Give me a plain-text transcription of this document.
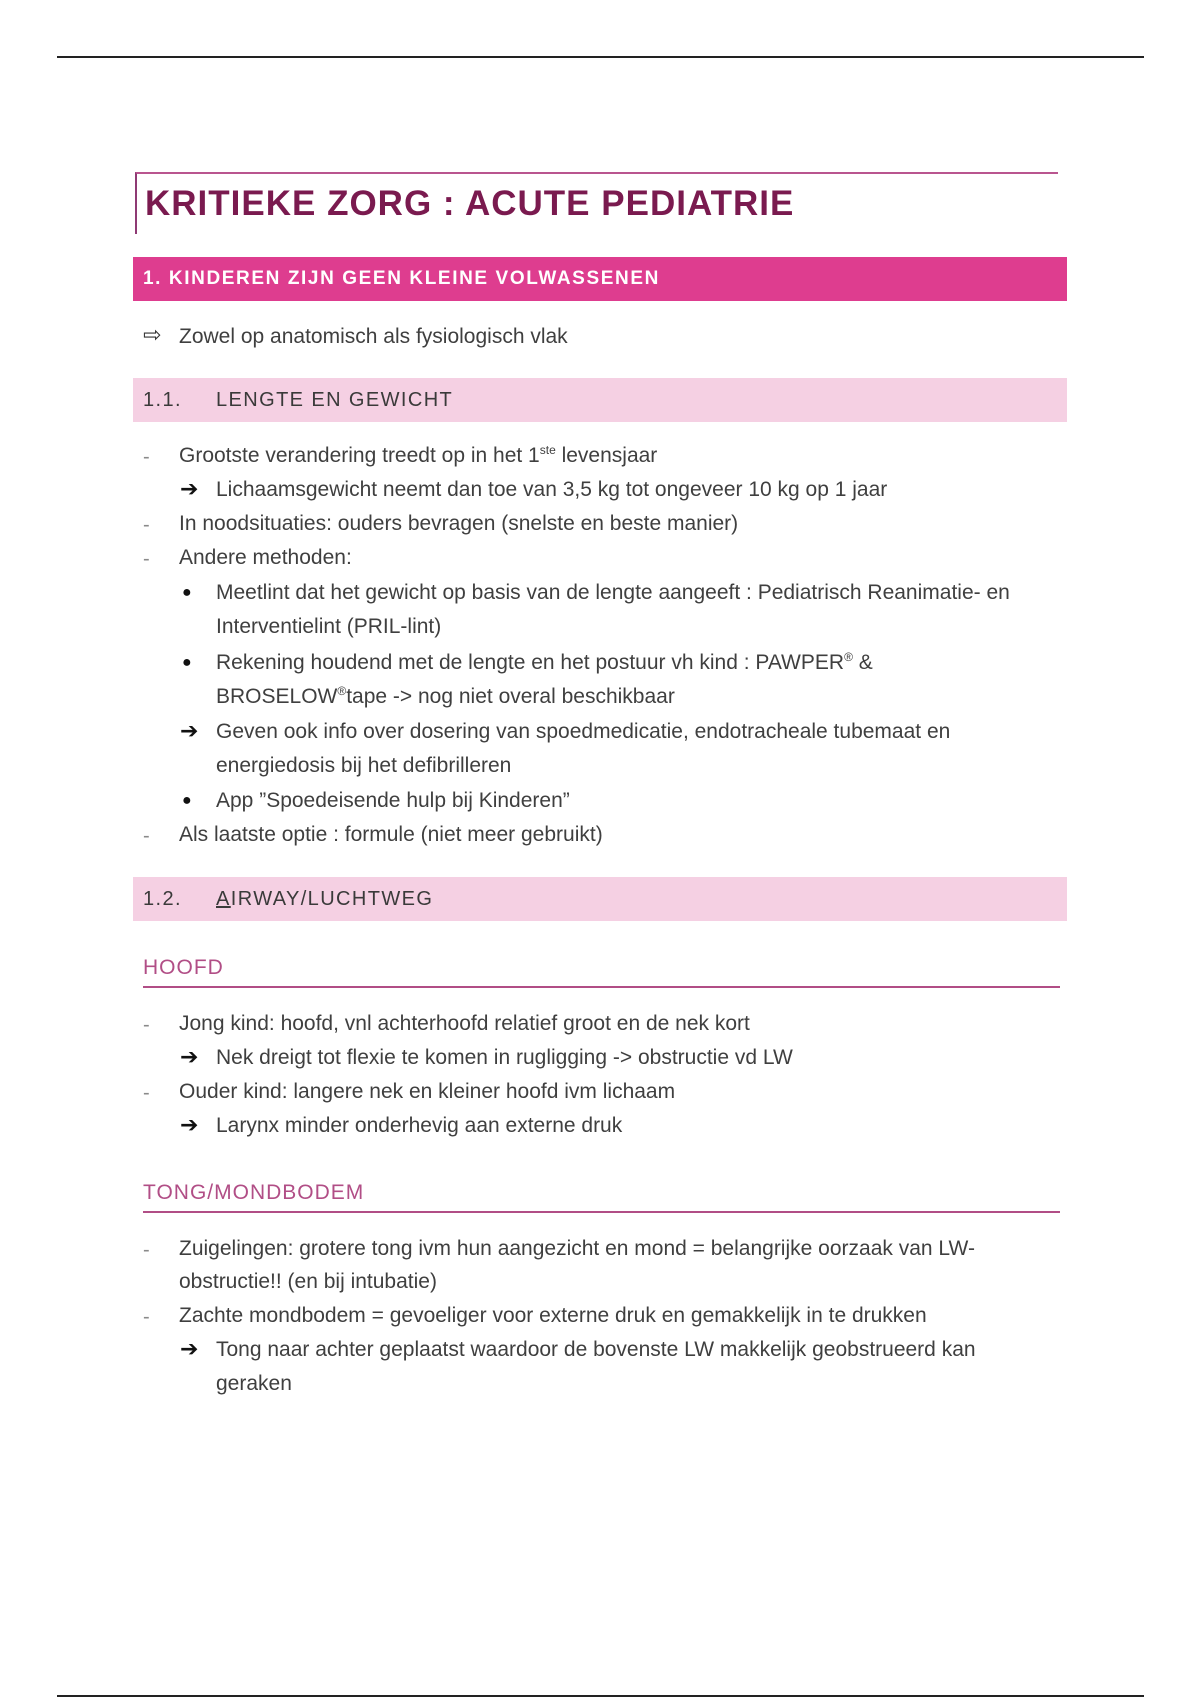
KRITIEKE ZORG : ACUTE PEDIATRIE
1. KINDEREN ZIJN GEEN KLEINE VOLWASSENEN
⇨ Zowel op anatomisch als fysiologisch vlak
1.1. LENGTE EN GEWICHT
- Grootste verandering treedt op in het 1ste levensjaar
➔ Lichaamsgewicht neemt dan toe van 3,5 kg tot ongeveer 10 kg op 1 jaar
- In noodsituaties: ouders bevragen (snelste en beste manier)
- Andere methoden:
● Meetlint dat het gewicht op basis van de lengte aangeeft : Pediatrisch Reanimatie- en
Interventielint (PRIL-lint)
● Rekening houdend met de lengte en het postuur vh kind : PAWPER® &
BROSELOW®tape -> nog niet overal beschikbaar
➔ Geven ook info over dosering van spoedmedicatie, endotracheale tubemaat en
energiedosis bij het defibrilleren
● App ”Spoedeisende hulp bij Kinderen”
- Als laatste optie : formule (niet meer gebruikt)
1.2. AIRWAY/LUCHTWEG
HOOFD
- Jong kind: hoofd, vnl achterhoofd relatief groot en de nek kort
➔ Nek dreigt tot flexie te komen in rugligging -> obstructie vd LW
- Ouder kind: langere nek en kleiner hoofd ivm lichaam
➔ Larynx minder onderhevig aan externe druk
TONG/MONDBODEM
- Zuigelingen: grotere tong ivm hun aangezicht en mond = belangrijke oorzaak van LW-
obstructie!! (en bij intubatie)
- Zachte mondbodem = gevoeliger voor externe druk en gemakkelijk in te drukken
➔ Tong naar achter geplaatst waardoor de bovenste LW makkelijk geobstrueerd kan
geraken
